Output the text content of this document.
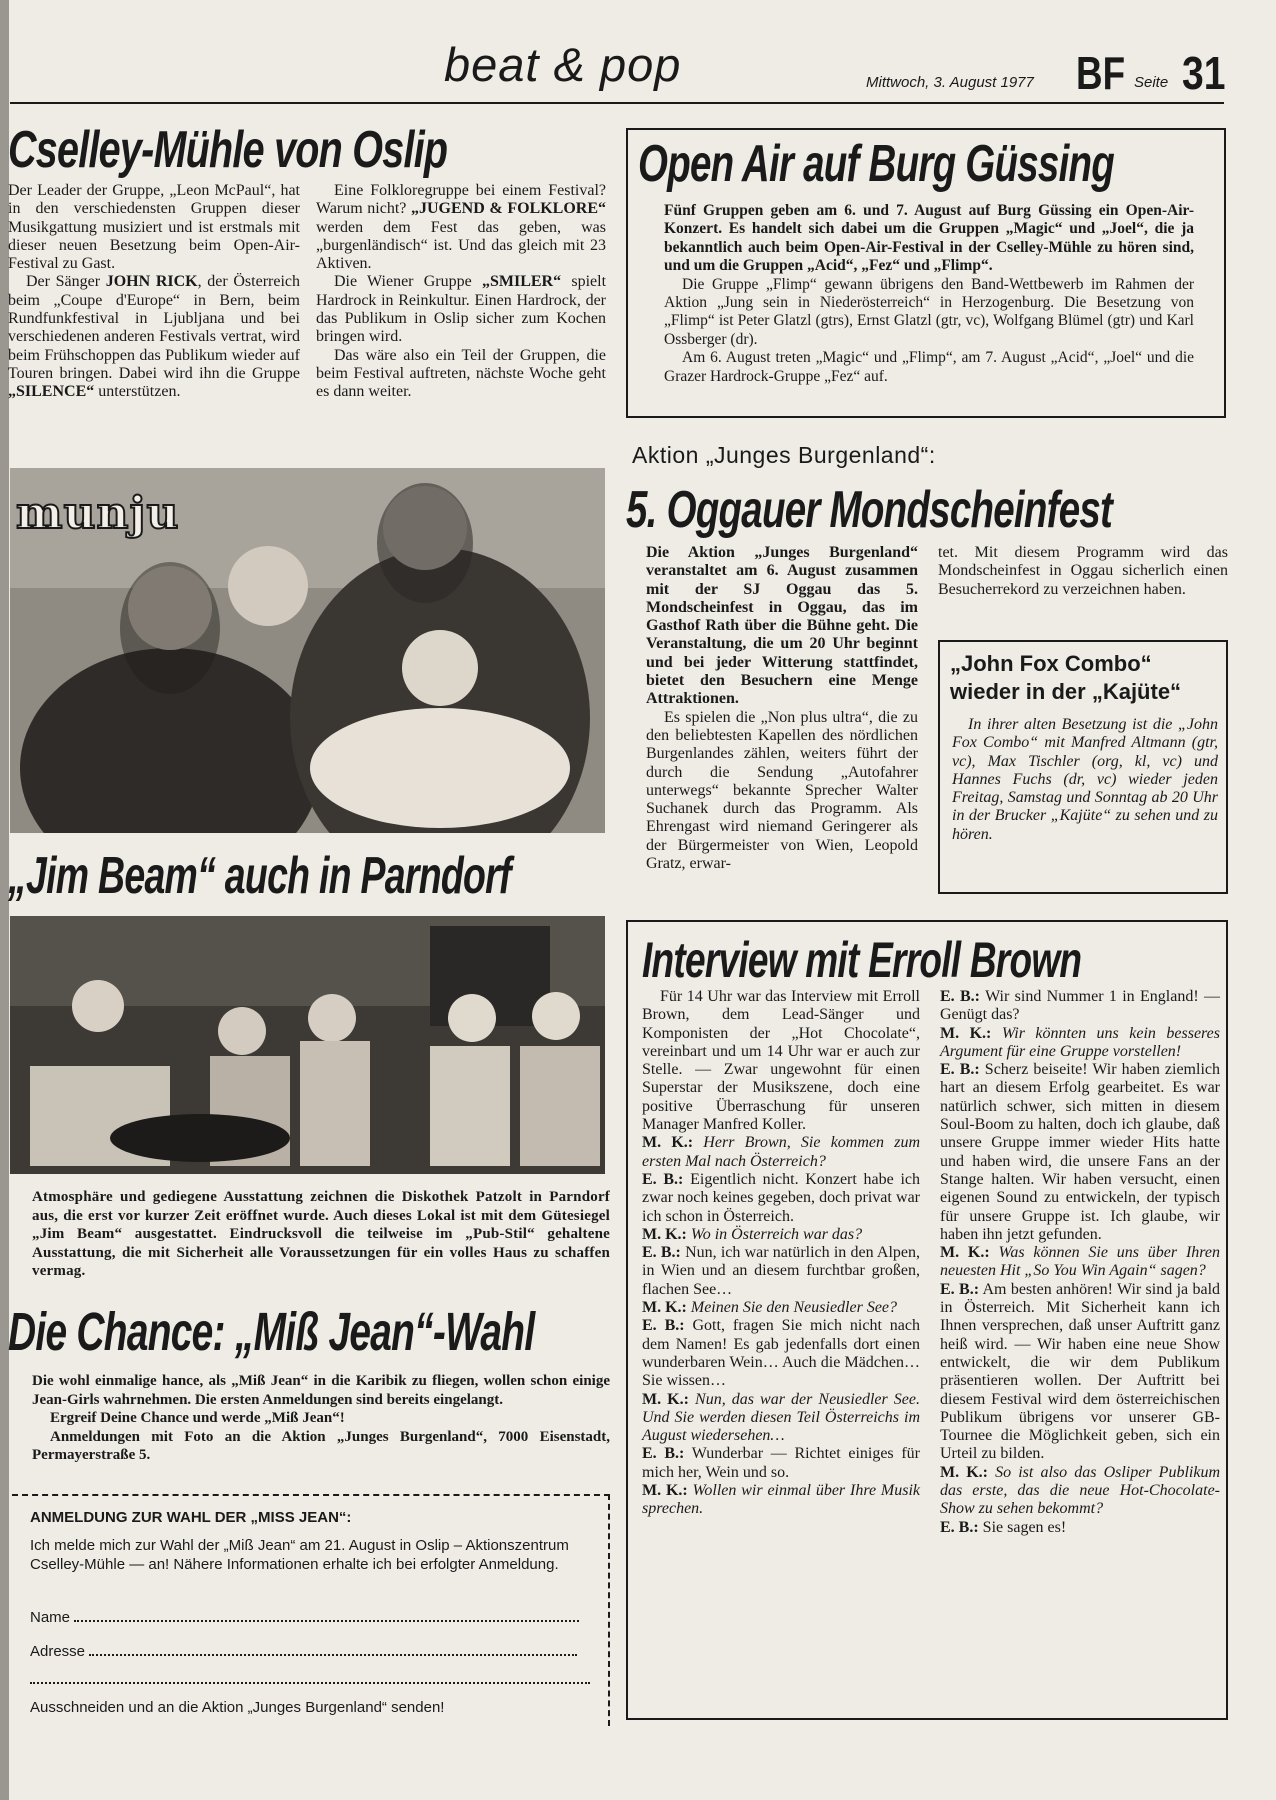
beat & pop	Mittwoch, 3. August 1977 BF Seite 31
Cselley-Mühle von Oslip

Der Leader der Gruppe, „Leon McPaul“, hat in den verschiedensten Gruppen dieser Musikgattung musiziert und ist erstmals mit dieser neuen Besetzung beim Open-Air-Festival zu Gast.

Der Sänger JOHN RICK, der Österreich beim „Coupe d'Europe“ in Bern, beim Rundfunkfestival in Ljubljana und bei verschiedenen anderen Festivals vertrat, wird beim Frühschoppen das Publikum wieder auf Touren bringen. Dabei wird ihn die Gruppe „SILENCE“ unterstützen.

Eine Folkloregruppe bei einem Festival? Warum nicht? „JUGEND & FOLKLORE“ werden dem Fest das geben, was „burgenländisch“ ist. Und das gleich mit 23 Aktiven.

Die Wiener Gruppe „SMILER“ spielt Hardrock in Reinkultur. Einen Hardrock, der das Publikum in Oslip sicher zum Kochen bringen wird.

Das wäre also ein Teil der Gruppen, die beim Festival auftreten, nächste Woche geht es dann weiter.

munju
„Jim Beam“ auch in Parndorf
Atmosphäre und gediegene Ausstattung zeichnen die Diskothek Patzolt in Parndorf aus, die erst vor kurzer Zeit eröffnet wurde. Auch dieses Lokal ist mit dem Gütesiegel „Jim Beam“ ausgestattet. Eindrucksvoll die teilweise im „Pub-Stil“ gehaltene Ausstattung, die mit Sicherheit alle Voraussetzungen für ein volles Haus zu schaffen vermag.
Die Chance: „Miß Jean“-Wahl

Die wohl einmalige hance, als „Miß Jean“ in die Karibik zu fliegen, wollen schon einige Jean-Girls wahrnehmen. Die ersten Anmeldungen sind bereits eingelangt.

Ergreif Deine Chance und werde „Miß Jean“!

Anmeldungen mit Foto an die Aktion „Junges Burgenland“, 7000 Eisenstadt, Permayerstraße 5.

ANMELDUNG ZUR WAHL DER „MISS JEAN“:
Ich melde mich zur Wahl der „Miß Jean“ am 21. August in Oslip – Aktionszentrum Cselley-Mühle — an! Nähere Informationen erhalte ich bei erfolgter Anmeldung.
Name
Adresse
Ausschneiden und an die Aktion „Junges Burgenland“ senden!
Open Air auf Burg Güssing

Fünf Gruppen geben am 6. und 7. August auf Burg Güssing ein Open-Air-Konzert. Es handelt sich dabei um die Gruppen „Magic“ und „Joel“, die ja bekanntlich auch beim Open-Air-Festival in der Cselley-Mühle zu hören sind, und um die Gruppen „Acid“, „Fez“ und „Flimp“.

Die Gruppe „Flimp“ gewann übrigens den Band-Wettbewerb im Rahmen der Aktion „Jung sein in Niederösterreich“ in Herzogenburg. Die Besetzung von „Flimp“ ist Peter Glatzl (gtrs), Ernst Glatzl (gtr, vc), Wolfgang Blümel (gtr) und Karl Ossberger (dr).

Am 6. August treten „Magic“ und „Flimp“, am 7. August „Acid“, „Joel“ und die Grazer Hardrock-Gruppe „Fez“ auf.

Aktion „Junges Burgenland“:
5. Oggauer Mondscheinfest

Die Aktion „Junges Burgenland“ veranstaltet am 6. August zusammen mit der SJ Oggau das 5. Mondscheinfest in Oggau, das im Gasthof Rath über die Bühne geht. Die Veranstaltung, die um 20 Uhr beginnt und bei jeder Witterung stattfindet, bietet den Besuchern eine Menge Attraktionen.

Es spielen die „Non plus ultra“, die zu den beliebtesten Kapellen des nördlichen Burgenlandes zählen, weiters führt der durch die Sendung „Autofahrer unterwegs“ bekannte Sprecher Walter Suchanek durch das Programm. Als Ehrengast wird niemand Geringerer als der Bürgermeister von Wien, Leopold Gratz, erwar-

tet. Mit diesem Programm wird das Mondscheinfest in Oggau sicherlich einen Besucherrekord zu verzeichnen haben.

„John Fox Combo“ wieder in der „Kajüte“
In ihrer alten Besetzung ist die „John Fox Combo“ mit Manfred Altmann (gtr, vc), Max Tischler (org, kl, vc) und Hannes Fuchs (dr, vc) wieder jeden Freitag, Samstag und Sonntag ab 20 Uhr in der Brucker „Kajüte“ zu sehen und zu hören.
Interview mit Erroll Brown

Für 14 Uhr war das Interview mit Erroll Brown, dem Lead-Sänger und Komponisten der „Hot Chocolate“, vereinbart und um 14 Uhr war er auch zur Stelle. — Zwar ungewohnt für einen Superstar der Musikszene, doch eine positive Überraschung für unseren Manager Manfred Koller.

M. K.: Herr Brown, Sie kommen zum ersten Mal nach Österreich?

E. B.: Eigentlich nicht. Konzert habe ich zwar noch keines gegeben, doch privat war ich schon in Österreich.

M. K.: Wo in Österreich war das?

E. B.: Nun, ich war natürlich in den Alpen, in Wien und an diesem furchtbar großen, flachen See…

M. K.: Meinen Sie den Neusiedler See?

E. B.: Gott, fragen Sie mich nicht nach dem Namen! Es gab jedenfalls dort einen wunderbaren Wein… Auch die Mädchen… Sie wissen…

M. K.: Nun, das war der Neusiedler See. Und Sie werden diesen Teil Österreichs im August wiedersehen…

E. B.: Wunderbar — Richtet einiges für mich her, Wein und so.

M. K.: Wollen wir einmal über Ihre Musik sprechen.

E. B.: Wir sind Nummer 1 in England! — Genügt das?

M. K.: Wir könnten uns kein besseres Argument für eine Gruppe vorstellen!

E. B.: Scherz beiseite! Wir haben ziemlich hart an diesem Erfolg gearbeitet. Es war natürlich schwer, sich mitten in diesem Soul-Boom zu halten, doch ich glaube, daß unsere Gruppe immer wieder Hits hatte und haben wird, die unsere Fans an der Stange halten. Wir haben versucht, einen eigenen Sound zu entwickeln, der typisch für unsere Gruppe ist. Ich glaube, wir haben ihn jetzt gefunden.

M. K.: Was können Sie uns über Ihren neuesten Hit „So You Win Again“ sagen?

E. B.: Am besten anhören! Wir sind ja bald in Österreich. Mit Sicherheit kann ich Ihnen versprechen, daß unser Auftritt ganz heiß wird. — Wir haben eine neue Show entwickelt, die wir dem Publikum präsentieren wollen. Der Auftritt bei diesem Festival wird dem österreichischen Publikum übrigens vor unserer GB-Tournee die Möglichkeit geben, sich ein Urteil zu bilden.

M. K.: So ist also das Osliper Publikum das erste, das die neue Hot-Chocolate-Show zu sehen bekommt?

E. B.: Sie sagen es!
